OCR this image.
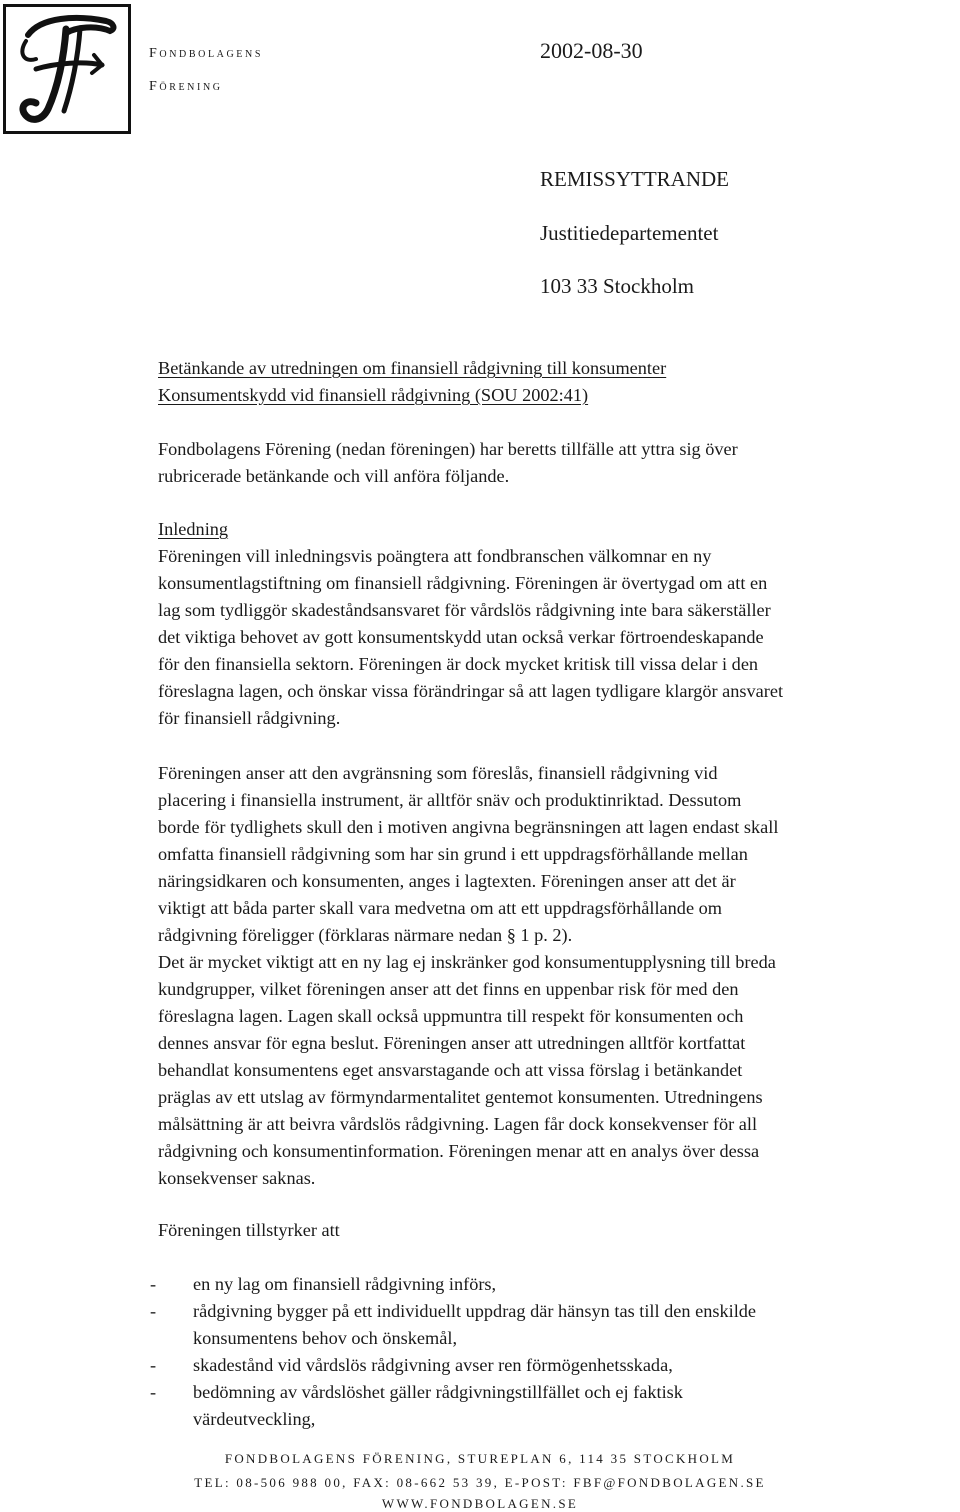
Fondbolagens
Förening
2002-08-30
REMISSYTTRANDE
Justitiedepartementet
103 33 Stockholm
Betänkande av utredningen om finansiell rådgivning till konsumenter
Konsumentskydd vid finansiell rådgivning (SOU 2002:41)
Fondbolagens Förening (nedan föreningen) har beretts tillfälle att yttra sig över
rubricerade betänkande och vill anföra följande.
Inledning
Föreningen vill inledningsvis poängtera att fondbranschen välkomnar en ny
konsumentlagstiftning om finansiell rådgivning. Föreningen är övertygad om att en
lag som tydliggör skadeståndsansvaret för vårdslös rådgivning inte bara säkerställer
det viktiga behovet av gott konsumentskydd utan också verkar förtroendeskapande
för den finansiella sektorn. Föreningen är dock mycket kritisk till vissa delar i den
föreslagna lagen, och önskar vissa förändringar så att lagen tydligare klargör ansvaret
för finansiell rådgivning.
Föreningen anser att den avgränsning som föreslås, finansiell rådgivning vid
placering i finansiella instrument, är alltför snäv och produktinriktad. Dessutom
borde för tydlighets skull den i motiven angivna begränsningen att lagen endast skall
omfatta finansiell rådgivning som har sin grund i ett uppdragsförhållande mellan
näringsidkaren och konsumenten, anges i lagtexten. Föreningen anser att det är
viktigt att båda parter skall vara medvetna om att ett uppdragsförhållande om
rådgivning föreligger (förklaras närmare nedan § 1 p. 2).
Det är mycket viktigt att en ny lag ej inskränker god konsumentupplysning till breda
kundgrupper, vilket föreningen anser att det finns en uppenbar risk för med den
föreslagna lagen. Lagen skall också uppmuntra till respekt för konsumenten och
dennes ansvar för egna beslut. Föreningen anser att utredningen alltför kortfattat
behandlat konsumentens eget ansvarstagande och att vissa förslag i betänkandet
präglas av ett utslag av förmyndarmentalitet gentemot konsumenten. Utredningens
målsättning är att beivra vårdslös rådgivning. Lagen får dock konsekvenser för all
rådgivning och konsumentinformation. Föreningen menar att en analys över dessa
konsekvenser saknas.
Föreningen tillstyrker att
- en ny lag om finansiell rådgivning införs,
- rådgivning bygger på ett individuellt uppdrag där hänsyn tas till den enskilde
konsumentens behov och önskemål,
- skadestånd vid vårdslös rådgivning avser ren förmögenhetsskada,
- bedömning av vårdslöshet gäller rådgivningstillfället och ej faktisk
värdeutveckling,
FONDBOLAGENS FÖRENING, STUREPLAN 6, 114 35 STOCKHOLM
TEL: 08-506 988 00, FAX: 08-662 53 39, E-POST: FBF@FONDBOLAGEN.SE
WWW.FONDBOLAGEN.SE
